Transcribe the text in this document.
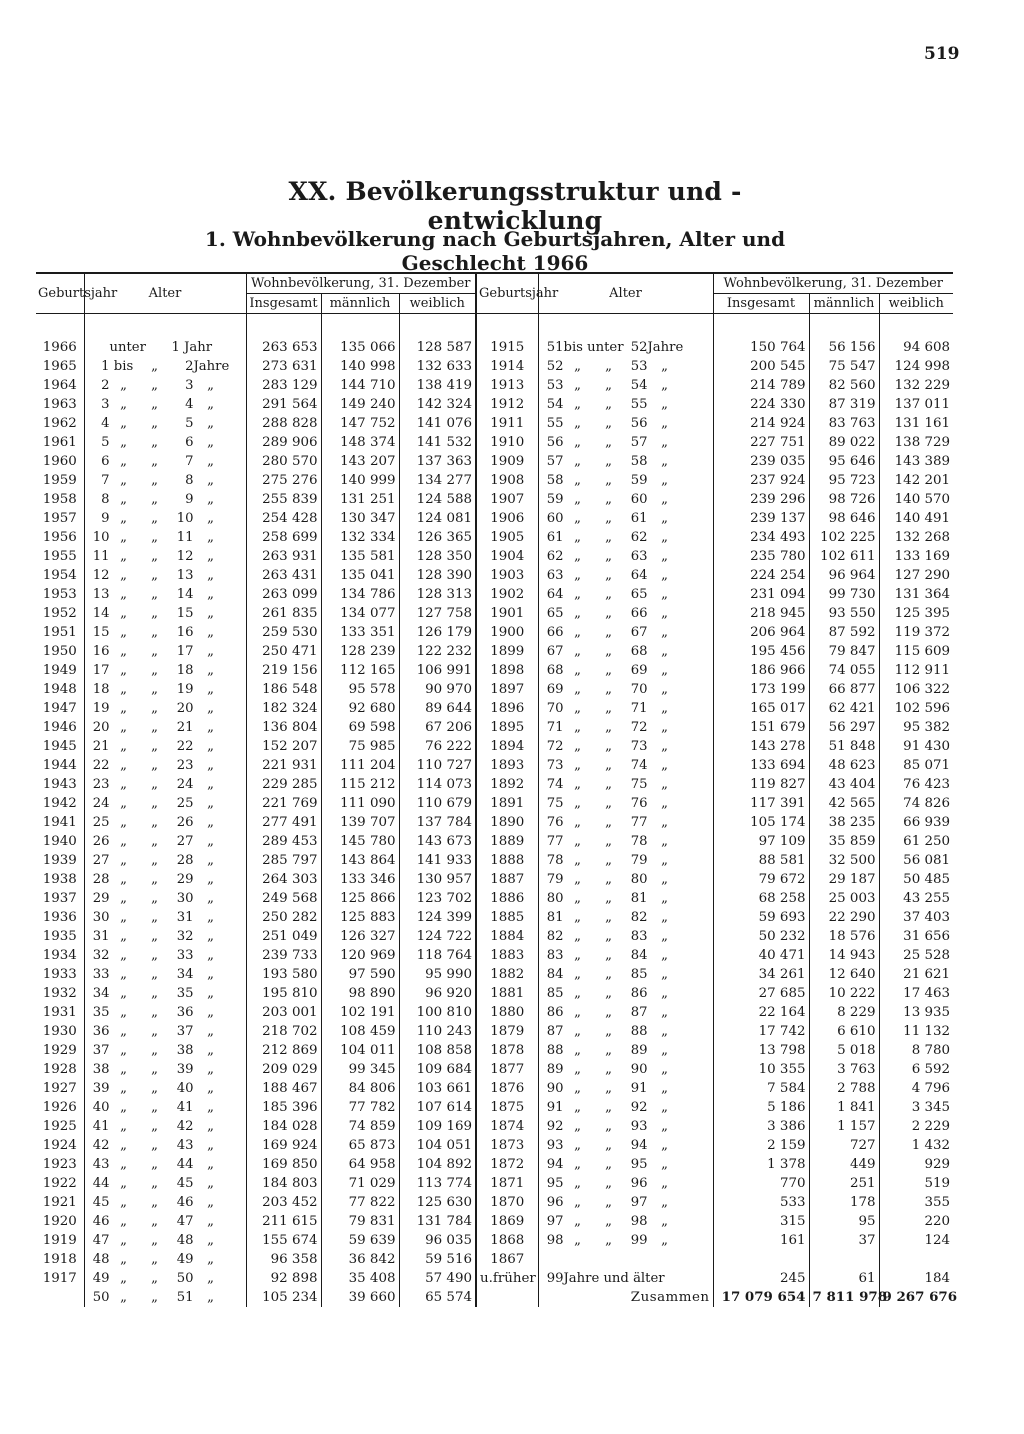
519
XX. Bevölkerungsstruktur und -entwicklung
1. Wohnbevölkerung nach Geburtsjahren, Alter und Geschlecht 1966
Geburtsjahr	Alter	Wohnbevölkerung, 31. Dezember			Geburtsjahr	Alter	Wohnbevölkerung, 31. Dezember		
		Insgesamt	männlich	weiblich			Insgesamt	männlich	weiblich
1966	unter 1 Jahr	263 653	135 066	128 587	1915	51bis unter 52Jahre	150 764	56 156	94 608
1965	1 bis „ 2Jahre	273 631	140 998	132 633	1914	52 „ „ 53 „	200 545	75 547	124 998
1964	2 „ „ 3 „	283 129	144 710	138 419	1913	53 „ „ 54 „	214 789	82 560	132 229
1963	3 „ „ 4 „	291 564	149 240	142 324	1912	54 „ „ 55 „	224 330	87 319	137 011
1962	4 „ „ 5 „	288 828	147 752	141 076	1911	55 „ „ 56 „	214 924	83 763	131 161
1961	5 „ „ 6 „	289 906	148 374	141 532	1910	56 „ „ 57 „	227 751	89 022	138 729
1960	6 „ „ 7 „	280 570	143 207	137 363	1909	57 „ „ 58 „	239 035	95 646	143 389
1959	7 „ „ 8 „	275 276	140 999	134 277	1908	58 „ „ 59 „	237 924	95 723	142 201
1958	8 „ „ 9 „	255 839	131 251	124 588	1907	59 „ „ 60 „	239 296	98 726	140 570
1957	9 „ „ 10 „	254 428	130 347	124 081	1906	60 „ „ 61 „	239 137	98 646	140 491
1956	10 „ „ 11 „	258 699	132 334	126 365	1905	61 „ „ 62 „	234 493	102 225	132 268
1955	11 „ „ 12 „	263 931	135 581	128 350	1904	62 „ „ 63 „	235 780	102 611	133 169
1954	12 „ „ 13 „	263 431	135 041	128 390	1903	63 „ „ 64 „	224 254	96 964	127 290
1953	13 „ „ 14 „	263 099	134 786	128 313	1902	64 „ „ 65 „	231 094	99 730	131 364
1952	14 „ „ 15 „	261 835	134 077	127 758	1901	65 „ „ 66 „	218 945	93 550	125 395
1951	15 „ „ 16 „	259 530	133 351	126 179	1900	66 „ „ 67 „	206 964	87 592	119 372
1950	16 „ „ 17 „	250 471	128 239	122 232	1899	67 „ „ 68 „	195 456	79 847	115 609
1949	17 „ „ 18 „	219 156	112 165	106 991	1898	68 „ „ 69 „	186 966	74 055	112 911
1948	18 „ „ 19 „	186 548	95 578	90 970	1897	69 „ „ 70 „	173 199	66 877	106 322
1947	19 „ „ 20 „	182 324	92 680	89 644	1896	70 „ „ 71 „	165 017	62 421	102 596
1946	20 „ „ 21 „	136 804	69 598	67 206	1895	71 „ „ 72 „	151 679	56 297	95 382
1945	21 „ „ 22 „	152 207	75 985	76 222	1894	72 „ „ 73 „	143 278	51 848	91 430
1944	22 „ „ 23 „	221 931	111 204	110 727	1893	73 „ „ 74 „	133 694	48 623	85 071
1943	23 „ „ 24 „	229 285	115 212	114 073	1892	74 „ „ 75 „	119 827	43 404	76 423
1942	24 „ „ 25 „	221 769	111 090	110 679	1891	75 „ „ 76 „	117 391	42 565	74 826
1941	25 „ „ 26 „	277 491	139 707	137 784	1890	76 „ „ 77 „	105 174	38 235	66 939
1940	26 „ „ 27 „	289 453	145 780	143 673	1889	77 „ „ 78 „	97 109	35 859	61 250
1939	27 „ „ 28 „	285 797	143 864	141 933	1888	78 „ „ 79 „	88 581	32 500	56 081
1938	28 „ „ 29 „	264 303	133 346	130 957	1887	79 „ „ 80 „	79 672	29 187	50 485
1937	29 „ „ 30 „	249 568	125 866	123 702	1886	80 „ „ 81 „	68 258	25 003	43 255
1936	30 „ „ 31 „	250 282	125 883	124 399	1885	81 „ „ 82 „	59 693	22 290	37 403
1935	31 „ „ 32 „	251 049	126 327	124 722	1884	82 „ „ 83 „	50 232	18 576	31 656
1934	32 „ „ 33 „	239 733	120 969	118 764	1883	83 „ „ 84 „	40 471	14 943	25 528
1933	33 „ „ 34 „	193 580	97 590	95 990	1882	84 „ „ 85 „	34 261	12 640	21 621
1932	34 „ „ 35 „	195 810	98 890	96 920	1881	85 „ „ 86 „	27 685	10 222	17 463
1931	35 „ „ 36 „	203 001	102 191	100 810	1880	86 „ „ 87 „	22 164	8 229	13 935
1930	36 „ „ 37 „	218 702	108 459	110 243	1879	87 „ „ 88 „	17 742	6 610	11 132
1929	37 „ „ 38 „	212 869	104 011	108 858	1878	88 „ „ 89 „	13 798	5 018	8 780
1928	38 „ „ 39 „	209 029	99 345	109 684	1877	89 „ „ 90 „	10 355	3 763	6 592
1927	39 „ „ 40 „	188 467	84 806	103 661	1876	90 „ „ 91 „	7 584	2 788	4 796
1926	40 „ „ 41 „	185 396	77 782	107 614	1875	91 „ „ 92 „	5 186	1 841	3 345
1925	41 „ „ 42 „	184 028	74 859	109 169	1874	92 „ „ 93 „	3 386	1 157	2 229
1924	42 „ „ 43 „	169 924	65 873	104 051	1873	93 „ „ 94 „	2 159	727	1 432
1923	43 „ „ 44 „	169 850	64 958	104 892	1872	94 „ „ 95 „	1 378	449	929
1922	44 „ „ 45 „	184 803	71 029	113 774	1871	95 „ „ 96 „	770	251	519
1921	45 „ „ 46 „	203 452	77 822	125 630	1870	96 „ „ 97 „	533	178	355
1920	46 „ „ 47 „	211 615	79 831	131 784	1869	97 „ „ 98 „	315	95	220
1919	47 „ „ 48 „	155 674	59 639	96 035	1868	98 „ „ 99 „	161	37	124
1918	48 „ „ 49 „	96 358	36 842	59 516	1867				
1917	49 „ „ 50 „	92 898	35 408	57 490	u.früher	99Jahre und älter	245	61	184
	50 „ „ 51 „	105 234	39 660	65 574		Zusammen	17 079 654	7 811 978	9 267 676
